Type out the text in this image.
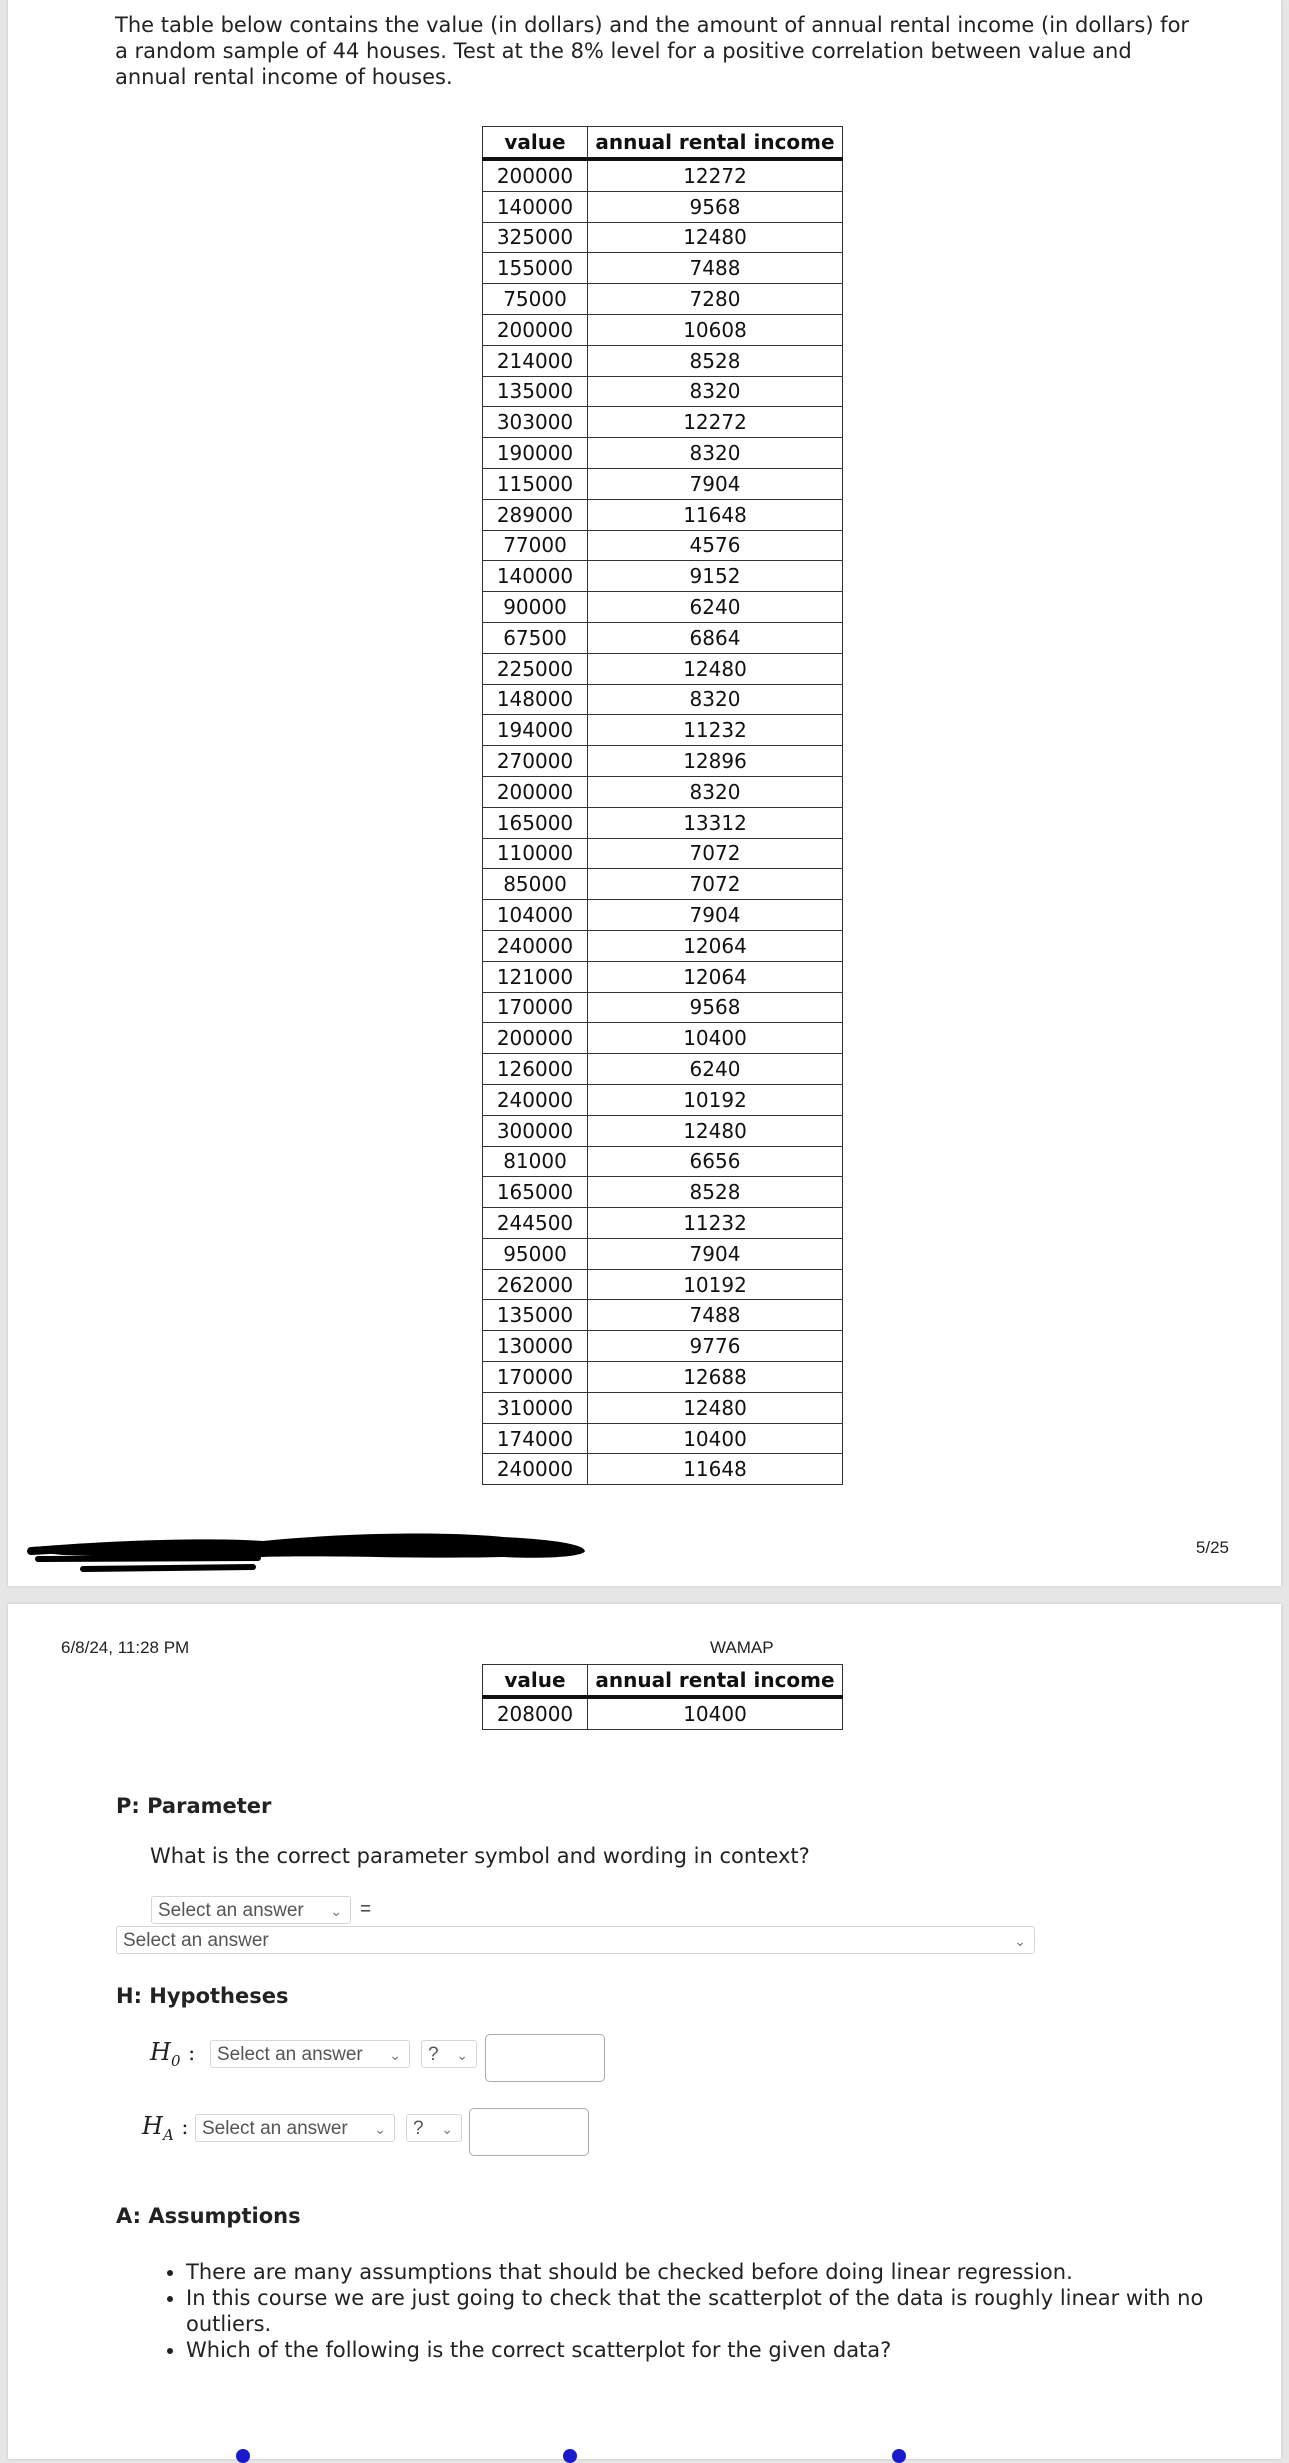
The table below contains the value (in dollars) and the amount of annual rental income (in dollars) for a random sample of 44 houses. Test at the 8% level for a positive correlation between value and annual rental income of houses.
value	annual rental income
200000	12272
140000	9568
325000	12480
155000	7488
75000	7280
200000	10608
214000	8528
135000	8320
303000	12272
190000	8320
115000	7904
289000	11648
77000	4576
140000	9152
90000	6240
67500	6864
225000	12480
148000	8320
194000	11232
270000	12896
200000	8320
165000	13312
110000	7072
85000	7072
104000	7904
240000	12064
121000	12064
170000	9568
200000	10400
126000	6240
240000	10192
300000	12480
81000	6656
165000	8528
244500	11232
95000	7904
262000	10192
135000	7488
130000	9776
170000	12688
310000	12480
174000	10400
240000	11648
5/25
6/8/24, 11:28 PM	WAMAP
value	annual rental income
208000	10400
P: Parameter
What is the correct parameter symbol and wording in context?
Select an answer ⌄ =
Select an answer	⌄
H: Hypotheses
$H_0$ :	Select an answer ⌄	? ⌄
$H_A$ : Select an answer ⌄	? ⌄
A: Assumptions
• There are many assumptions that should be checked before doing linear regression.
• In this course we are just going to check that the scatterplot of the data is roughly linear with no outliers.
• Which of the following is the correct scatterplot for the given data?
